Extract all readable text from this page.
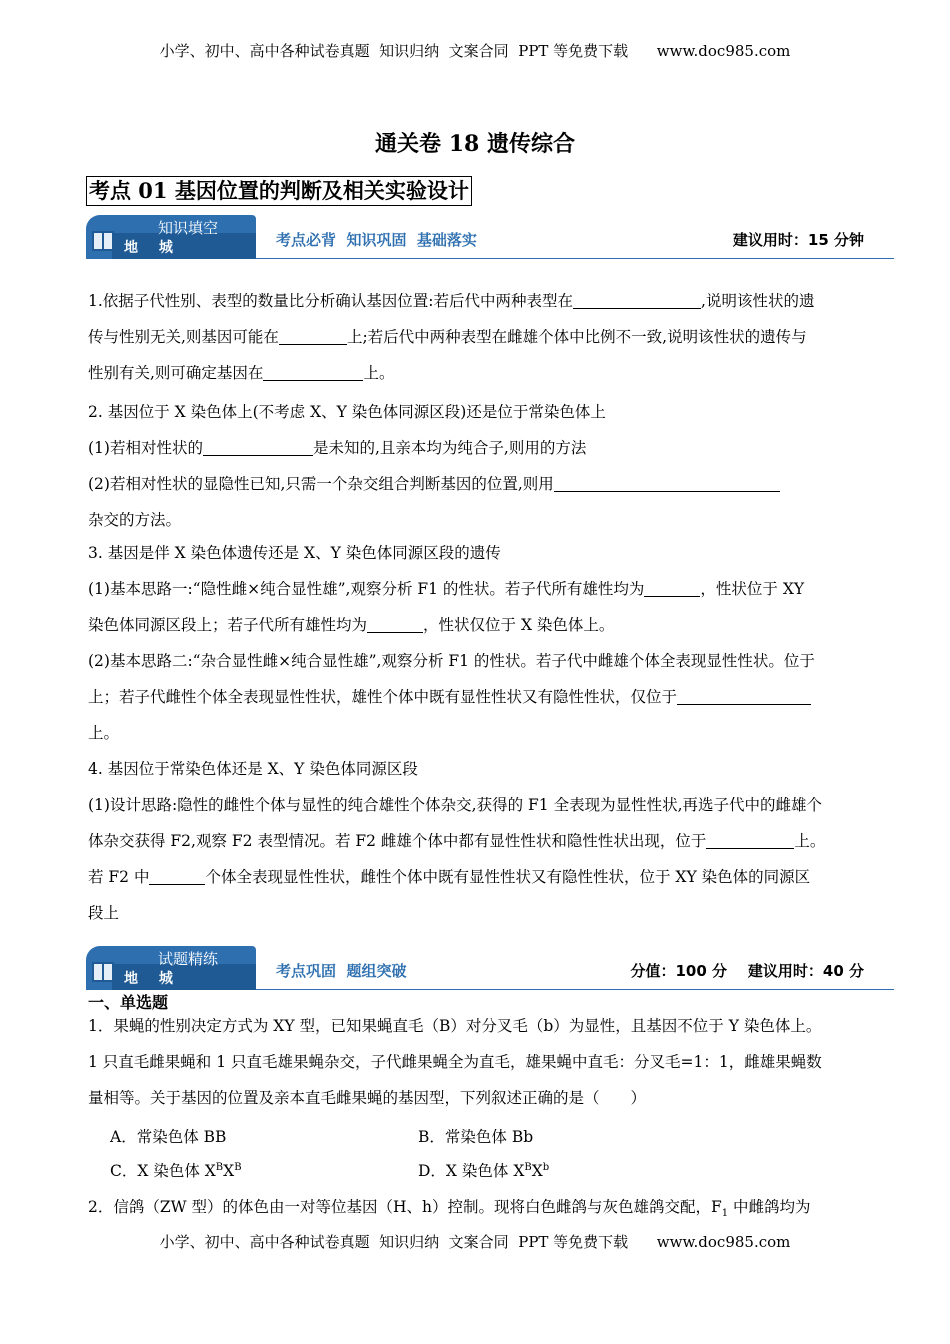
小学、初中、高中各种试卷真题  知识归纳  文案合同  PPT 等免费下载      www.doc985.com
通关卷 18 遗传综合
考点 01 基因位置的判断及相关实验设计
知识填空
地 城	考点必背  知识巩固  基础落实	建议用时：15 分钟
1.依据子代性别、表型的数量比分析确认基因位置:若后代中两种表型在	,说明该性状的遗
传与性别无关,则基因可能在	上;若后代中两种表型在雌雄个体中比例不一致,说明该性状的遗传与
性别有关,则可确定基因在	上。
2. 基因位于 X 染色体上(不考虑 X、Y 染色体同源区段)还是位于常染色体上
(1)若相对性状的	是未知的,且亲本均为纯合子,则用的方法
(2)若相对性状的显隐性已知,只需一个杂交组合判断基因的位置,则用
杂交的方法。
3. 基因是伴 X 染色体遗传还是 X、Y 染色体同源区段的遗传
(1)基本思路一:“隐性雌×纯合显性雄”,观察分析 F1 的性状。若子代所有雄性均为	，性状位于 XY
染色体同源区段上；若子代所有雄性均为	，性状仅位于 X 染色体上。
(2)基本思路二:“杂合显性雌×纯合显性雄”,观察分析 F1 的性状。若子代中雌雄个体全表现显性性状。位于
上；若子代雌性个体全表现显性性状，雄性个体中既有显性性状又有隐性性状，仅位于
上。
4. 基因位于常染色体还是 X、Y 染色体同源区段
(1)设计思路:隐性的雌性个体与显性的纯合雄性个体杂交,获得的 F1 全表现为显性性状,再选子代中的雌雄个
体杂交获得 F2,观察 F2 表型情况。若 F2 雌雄个体中都有显性性状和隐性性状出现，位于	上。
若 F2 中	个体全表现显性性状，雌性个体中既有显性性状又有隐性性状，位于 XY 染色体的同源区
段上
试题精练
地 城	考点巩固  题组突破	分值：100 分    建议用时：40 分
一、单选题
1．果蝇的性别决定方式为 XY 型，已知果蝇直毛（B）对分叉毛（b）为显性，且基因不位于 Y 染色体上。
1 只直毛雌果蝇和 1 只直毛雄果蝇杂交，子代雌果蝇全为直毛，雄果蝇中直毛：分叉毛=1：1，雌雄果蝇数
量相等。关于基因的位置及亲本直毛雌果蝇的基因型，下列叙述正确的是（　　）
A．常染色体 BB	B．常染色体 Bb
C．X 染色体 $X^BX^B$	D．X 染色体 $X^BX^b$
2．信鸽（ZW 型）的体色由一对等位基因（H、h）控制。现将白色雌鸽与灰色雄鸽交配，$F_1$ 中雌鸽均为
小学、初中、高中各种试卷真题  知识归纳  文案合同  PPT 等免费下载      www.doc985.com
